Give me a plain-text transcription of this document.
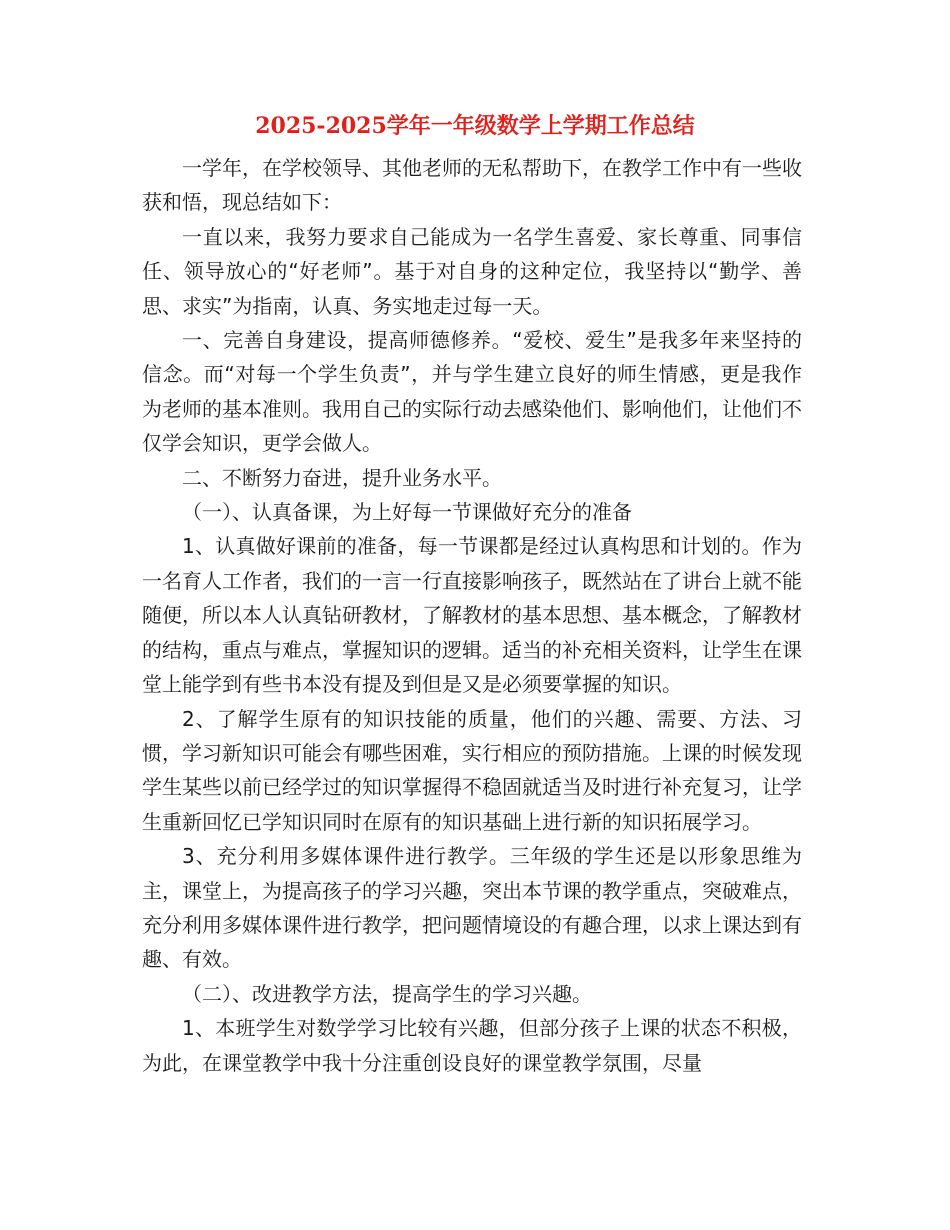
2025-2025学年一年级数学上学期工作总结

一学年，在学校领导、其他老师的无私帮助下，在教学工作中有一些收获和悟，现总结如下：

一直以来，我努力要求自己能成为一名学生喜爱、家长尊重、同事信任、领导放心的“好老师”。基于对自身的这种定位，我坚持以“勤学、善思、求实”为指南，认真、务实地走过每一天。

一、完善自身建设，提高师德修养。“爱校、爱生”是我多年来坚持的信念。而“对每一个学生负责”，并与学生建立良好的师生情感，更是我作为老师的基本准则。我用自己的实际行动去感染他们、影响他们，让他们不仅学会知识，更学会做人。

二、不断努力奋进，提升业务水平。

（一）、认真备课，为上好每一节课做好充分的准备

1、认真做好课前的准备，每一节课都是经过认真构思和计划的。作为一名育人工作者，我们的一言一行直接影响孩子，既然站在了讲台上就不能随便，所以本人认真钻研教材，了解教材的基本思想、基本概念，了解教材的结构，重点与难点，掌握知识的逻辑。适当的补充相关资料，让学生在课堂上能学到有些书本没有提及到但是又是必须要掌握的知识。

2、了解学生原有的知识技能的质量，他们的兴趣、需要、方法、习惯，学习新知识可能会有哪些困难，实行相应的预防措施。上课的时候发现学生某些以前已经学过的知识掌握得不稳固就适当及时进行补充复习，让学生重新回忆已学知识同时在原有的知识基础上进行新的知识拓展学习。

3、充分利用多媒体课件进行教学。三年级的学生还是以形象思维为主，课堂上，为提高孩子的学习兴趣，突出本节课的教学重点，突破难点，充分利用多媒体课件进行教学，把问题情境设的有趣合理，以求上课达到有趣、有效。

（二）、改进教学方法，提高学生的学习兴趣。

1、本班学生对数学学习比较有兴趣，但部分孩子上课的状态不积极，为此，在课堂教学中我十分注重创设良好的课堂教学氛围，尽量
